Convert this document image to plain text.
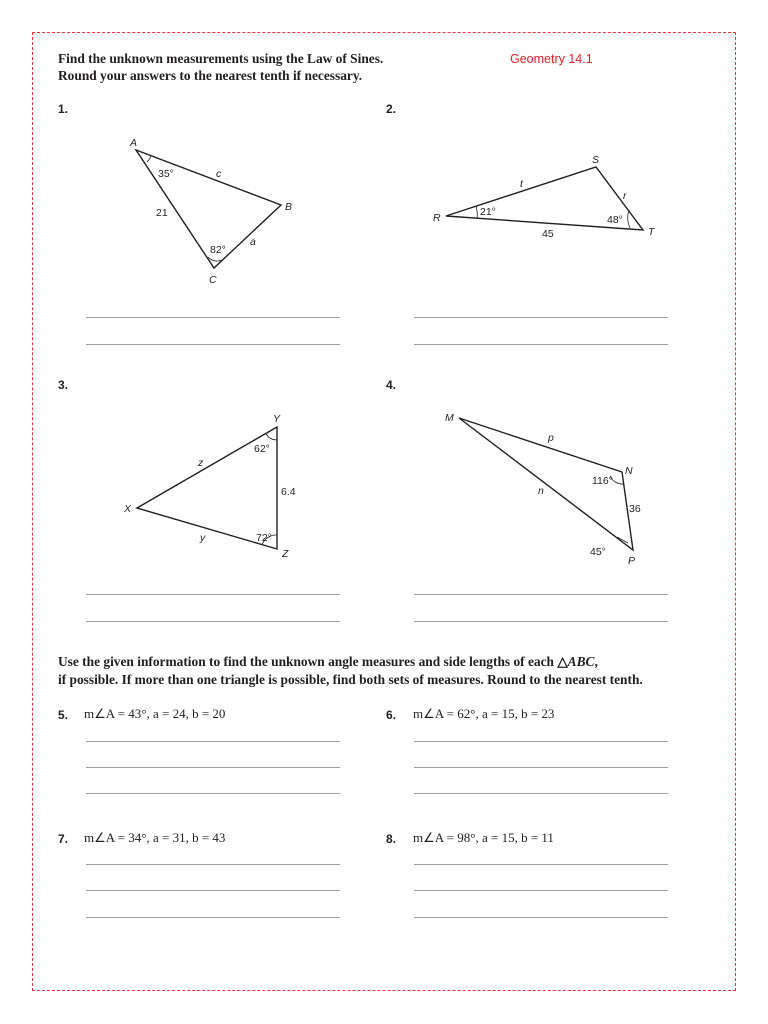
Find the unknown measurements using the Law of Sines.
Round your answers to the nearest tenth if necessary.
Geometry 14.1
1.	2.
3.	4.
A
B
C
35°
82°
21
c
a
R
S
T
21°
48°
45
t
r
X
Y
Z
62°
72°
6.4
z
y
M
N
P
116°
45°
36
p
n
Use the given information to find the unknown angle measures and side lengths of each △ABC,
if possible. If more than one triangle is possible, find both sets of measures. Round to the nearest tenth.
5. m∠A = 43°, a = 24, b = 20	6. m∠A = 62°, a = 15, b = 23
7. m∠A = 34°, a = 31, b = 43	8. m∠A = 98°, a = 15, b = 11
